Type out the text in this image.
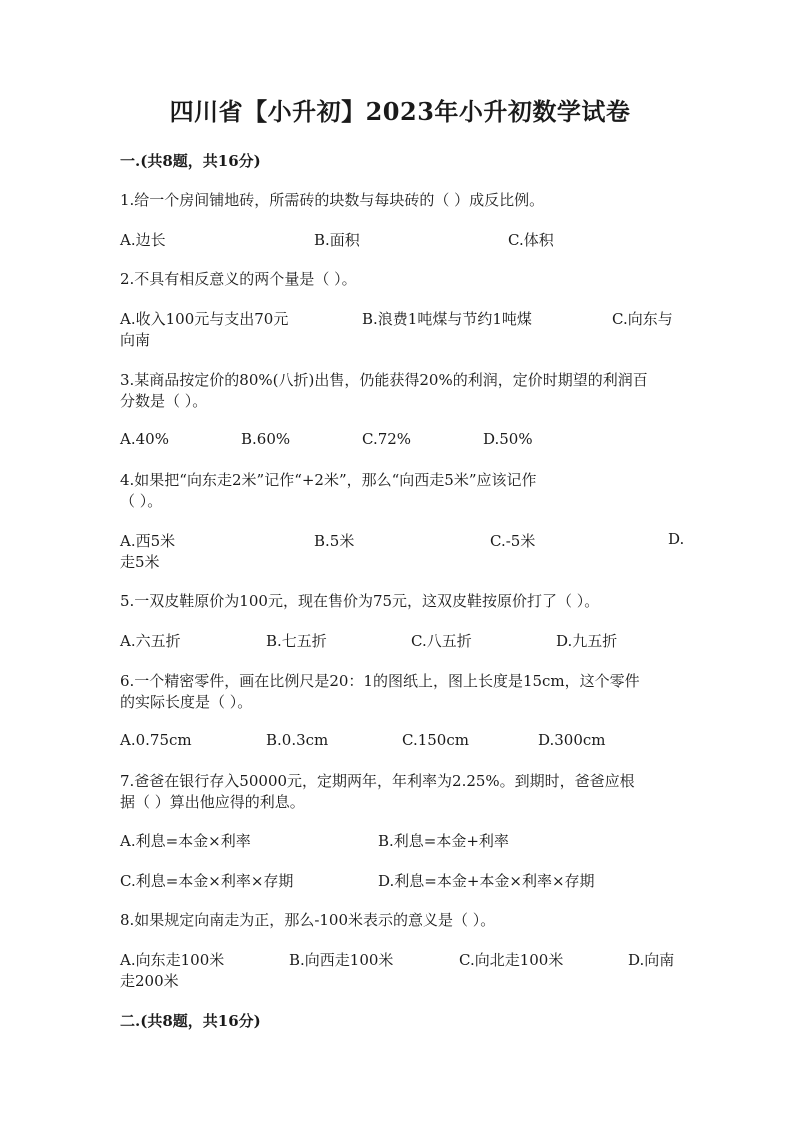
四川省【小升初】2023年小升初数学试卷
一.(共8题，共16分)
1.给一个房间铺地砖，所需砖的块数与每块砖的（ ）成反比例。
A.边长	B.面积	C.体积
2.不具有相反意义的两个量是（ ）。
A.收入100元与支出70元	B.浪费1吨煤与节约1吨煤	C.向东与
向南
3.某商品按定价的80%(八折)出售，仍能获得20%的利润，定价时期望的利润百
分数是（ ）。
A.40%	B.60%	C.72%	D.50%
4.如果把“向东走2米”记作“+2米”，那么“向西走5米”应该记作
（ ）。
A.西5米	B.5米	C.-5米	D.
走5米
5.一双皮鞋原价为100元，现在售价为75元，这双皮鞋按原价打了（ ）。
A.六五折	B.七五折	C.八五折	D.九五折
6.一个精密零件，画在比例尺是20：1的图纸上，图上长度是15cm，这个零件
的实际长度是（ ）。
A.0.75cm	B.0.3cm	C.150cm	D.300cm
7.爸爸在银行存入50000元，定期两年，年利率为2.25%。到期时，爸爸应根
据（ ）算出他应得的利息。
A.利息=本金×利率	B.利息=本金+利率
C.利息=本金×利率×存期	D.利息=本金+本金×利率×存期
8.如果规定向南走为正，那么-100米表示的意义是（ ）。
A.向东走100米	B.向西走100米	C.向北走100米	D.向南
走200米
二.(共8题，共16分)
